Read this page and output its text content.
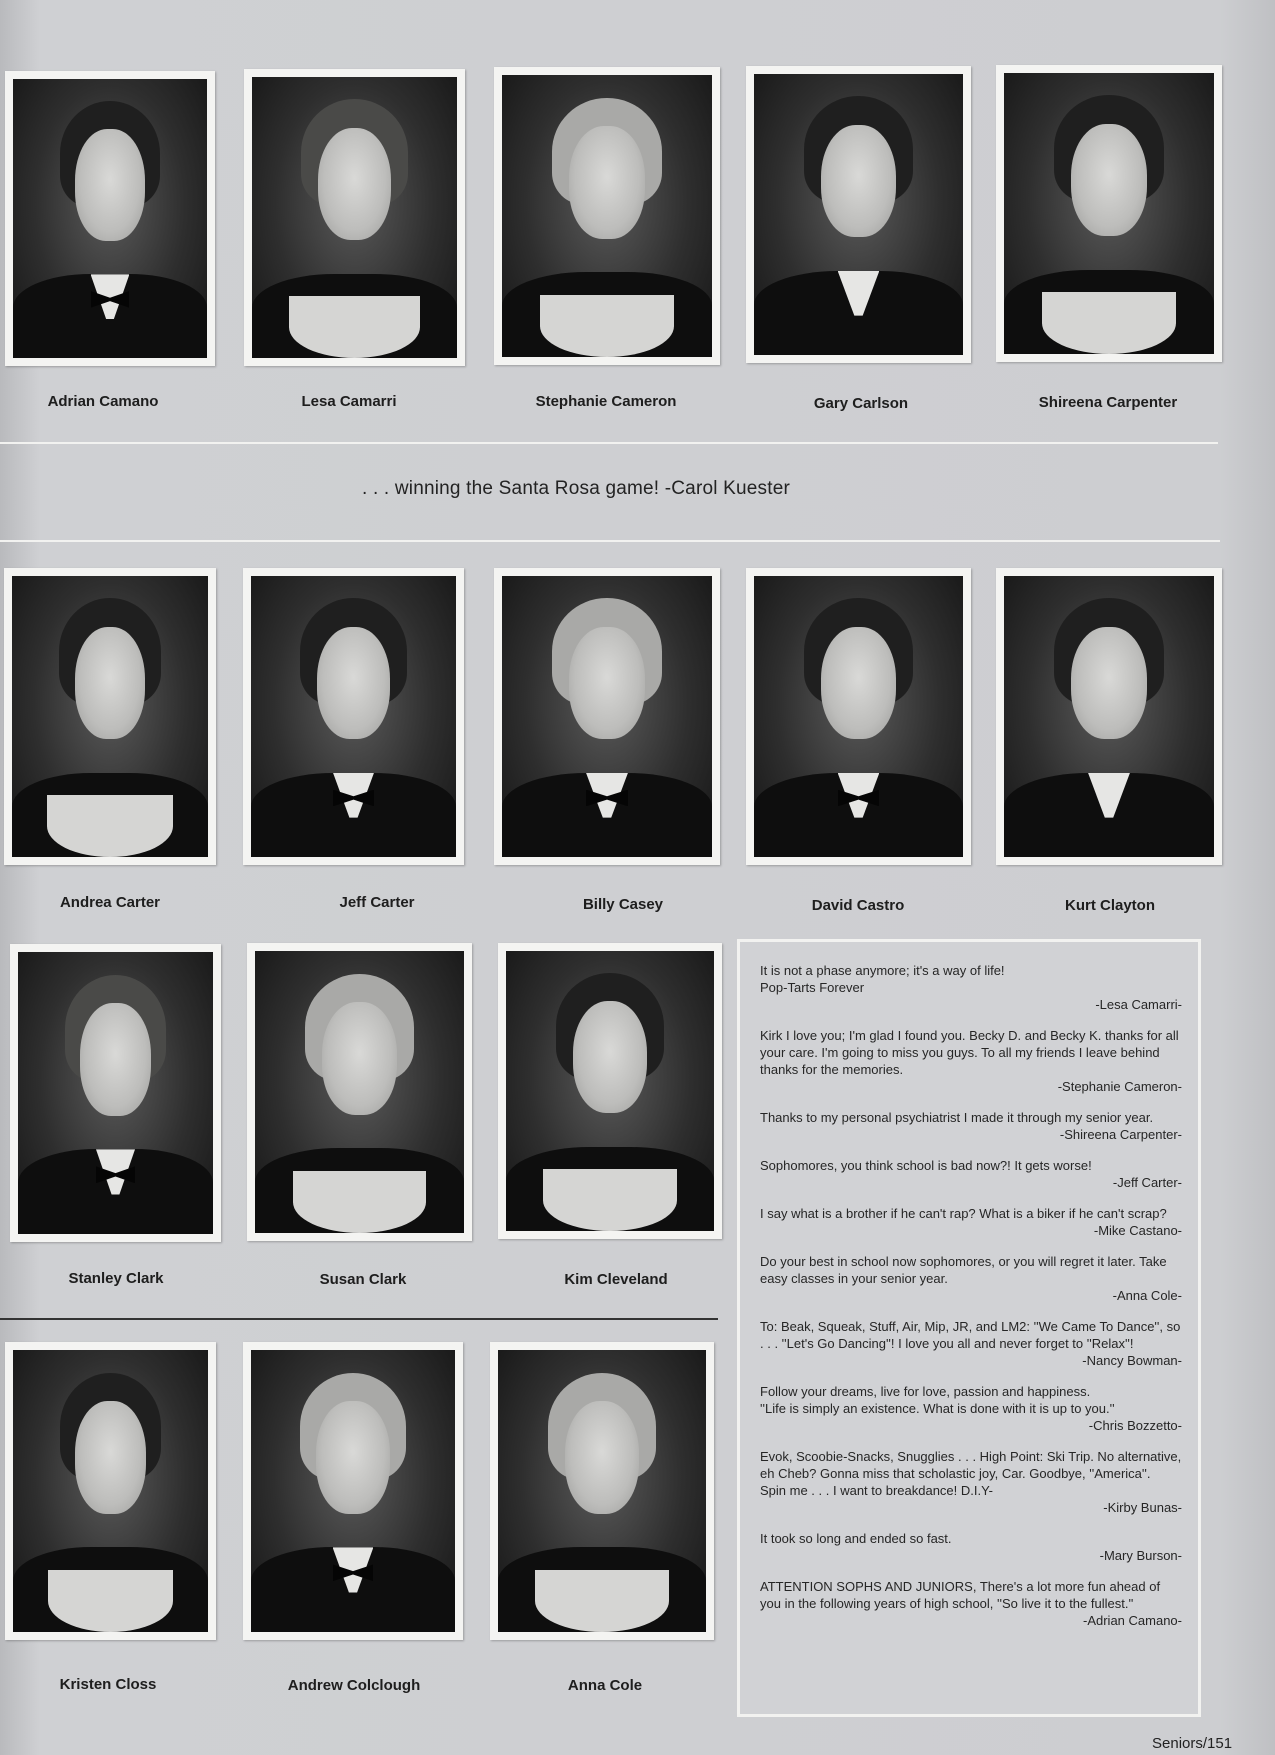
Adrian Camano	Lesa Camarri	Stephanie Cameron	Gary Carlson	Shireena Carpenter
. . . winning the Santa Rosa game! -Carol Kuester
Andrea Carter	Jeff Carter	Billy Casey	David Castro	Kurt Clayton
Stanley Clark	Susan Clark	Kim Cleveland
Kristen Closs	Andrew Colclough	Anna Cole
It is not a phase anymore; it's a way of life!
Pop-Tarts Forever
-Lesa Camarri-
Kirk I love you; I'm glad I found you. Becky D. and Becky K. thanks for all your care. I'm going to miss you guys. To all my friends I leave behind thanks for the memories.
-Stephanie Cameron-
Thanks to my personal psychiatrist I made it through my senior year.
-Shireena Carpenter-
Sophomores, you think school is bad now?! It gets worse!
-Jeff Carter-
I say what is a brother if he can't rap? What is a biker if he can't scrap?
-Mike Castano-
Do your best in school now sophomores, or you will regret it later. Take easy classes in your senior year.
-Anna Cole-
To: Beak, Squeak, Stuff, Air, Mip, JR, and LM2: ''We Came To Dance'', so . . . ''Let's Go Dancing''! I love you all and never forget to ''Relax''!
-Nancy Bowman-
Follow your dreams, live for love, passion and happiness.
''Life is simply an existence. What is done with it is up to you.''
-Chris Bozzetto-
Evok, Scoobie-Snacks, Snugglies . . . High Point: Ski Trip. No alternative, eh Cheb? Gonna miss that scholastic joy, Car. Goodbye, ''America''.
Spin me . . . I want to breakdance! D.I.Y-
-Kirby Bunas-
It took so long and ended so fast.
-Mary Burson-
ATTENTION SOPHS AND JUNIORS, There's a lot more fun ahead of you in the following years of high school, ''So live it to the fullest.''
-Adrian Camano-
Seniors/151
